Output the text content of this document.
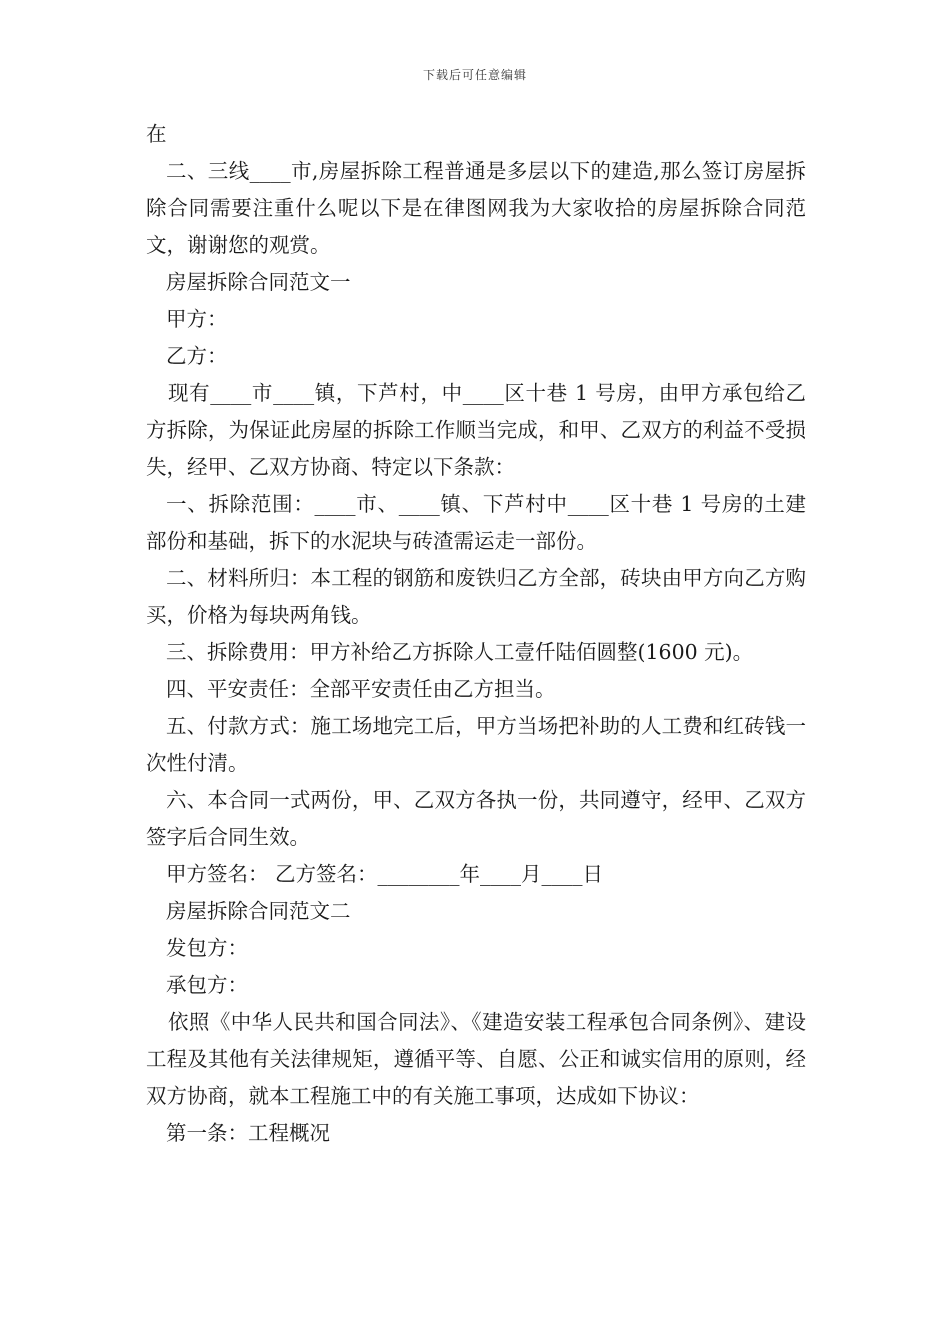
下载后可任意编辑

在

二、三线____市,房屋拆除工程普通是多层以下的建造,那么签订房屋拆除合同需要注重什么呢以下是在律图网我为大家收拾的房屋拆除合同范文，谢谢您的观赏。

房屋拆除合同范文一

甲方：

乙方：

现有____市____镇，下芦村，中____区十巷 1 号房，由甲方承包给乙方拆除，为保证此房屋的拆除工作顺当完成，和甲、乙双方的利益不受损失，经甲、乙双方协商、特定以下条款：

一、拆除范围：____市、____镇、下芦村中____区十巷 1 号房的土建部份和基础，拆下的水泥块与砖渣需运走一部份。

二、材料所归：本工程的钢筋和废铁归乙方全部，砖块由甲方向乙方购买，价格为每块两角钱。

三、拆除费用：甲方补给乙方拆除人工壹仟陆佰圆整(1600 元)。

四、平安责任：全部平安责任由乙方担当。

五、付款方式：施工场地完工后，甲方当场把补助的人工费和红砖钱一次性付清。

六、本合同一式两份，甲、乙双方各执一份，共同遵守，经甲、乙双方签字后合同生效。

甲方签名： 乙方签名：________年____月____日

房屋拆除合同范文二

发包方：

承包方：

依照《中华人民共和国合同法》、《建造安装工程承包合同条例》、建设工程及其他有关法律规矩，遵循平等、自愿、公正和诚实信用的原则，经双方协商，就本工程施工中的有关施工事项，达成如下协议：

第一条：工程概况
